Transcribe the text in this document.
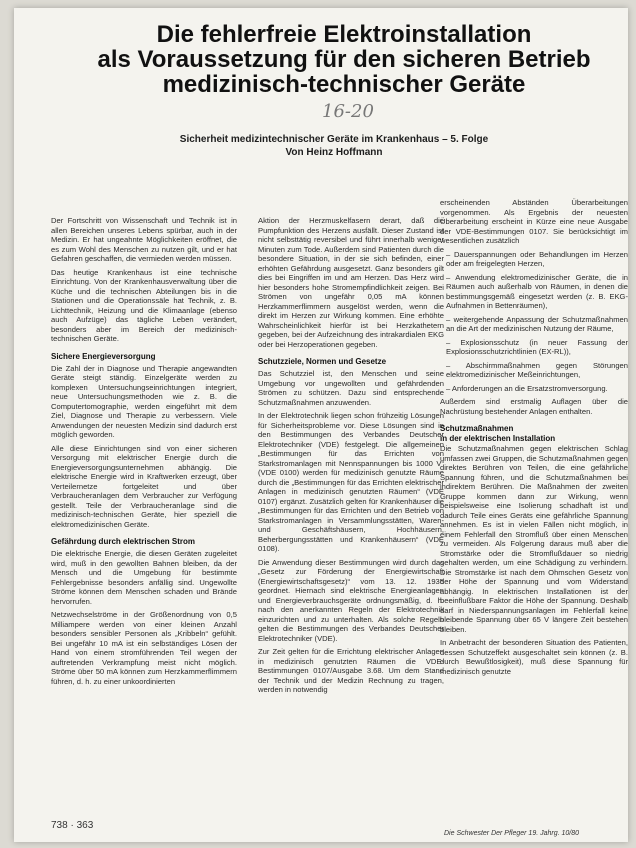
Die fehlerfreie Elektroinstallation
als Voraussetzung für den sicheren Betrieb
medizinisch-technischer Geräte
16-20
Sicherheit medizintechnischer Geräte im Krankenhaus – 5. Folge
Von Heinz Hoffmann

Der Fortschritt von Wissenschaft und Technik ist in allen Bereichen unseres Lebens spürbar, auch in der Medizin. Er hat ungeahnte Möglichkeiten eröffnet, die es zum Wohl des Menschen zu nutzen gilt, und er hat Gefahren geschaffen, die vermieden werden müssen.

Das heutige Krankenhaus ist eine technische Einrichtung. Von der Krankenhausverwaltung über die Küche und die technischen Abteilungen bis in die Stationen und die Operationssäle hat Technik, z. B. Lichttechnik, Heizung und die Klimaanlage (ebenso auch Aufzüge) das tägliche Leben verändert, besonders aber im Bereich der medizinisch-technischen Geräte.

Sichere Energieversorgung

Die Zahl der in Diagnose und Therapie angewandten Geräte steigt ständig. Einzelgeräte werden zu komplexen Untersuchungseinrichtungen integriert, neue Untersuchungsmethoden wie z. B. die Computertomographie, werden eingeführt mit dem Ziel, Diagnose und Therapie zu verbessern. Viele Anwendungen der neuesten Medizin sind dadurch erst möglich geworden.

Alle diese Einrichtungen sind von einer sicheren Versorgung mit elektrischer Energie durch die Energieversorgungsunternehmen abhängig. Die elektrische Energie wird in Kraftwerken erzeugt, über Verteilernetze fortgeleitet und über Verbraucheranlagen dem Verbraucher zur Verfügung gestellt. Teile der Verbraucheranlage sind die medizinisch-technischen Geräte, hier speziell die elektromedizinischen Geräte.

Gefährdung durch elektrischen Strom

Die elektrische Energie, die diesen Geräten zugeleitet wird, muß in den gewollten Bahnen bleiben, da der Mensch und die Umgebung für bestimmte Fehlergebnisse besonders anfällig sind. Ungewollte Ströme können dem Menschen schaden und Brände hervorrufen.

Netzwechselströme in der Größenordnung von 0,5 Milliampere werden von einer kleinen Anzahl besonders sensibler Personen als „Kribbeln“ gefühlt. Bei ungefähr 10 mA ist ein selbständiges Lösen der Hand von einem stromführenden Teil wegen der auftretenden Verkrampfung meist nicht möglich. Ströme über 50 mA können zum Herzkammerflimmern führen, d. h. zu einer unkoordinierten

Aktion der Herzmuskelfasern derart, daß die Pumpfunktion des Herzens ausfällt. Dieser Zustand ist nicht selbsttätig reversibel und führt innerhalb weniger Minuten zum Tode. Außerdem sind Patienten durch die besondere Situation, in der sie sich befinden, einer erhöhten Gefährdung ausgesetzt. Ganz besonders gilt dies bei Eingriffen im und am Herzen. Das Herz wird hier besonders hohe Stromempfindlichkeit zeigen. Bei Strömen von ungefähr 0,05 mA können Herzkammerflimmern ausgelöst werden, wenn die direkt im Herzen zur Wirkung kommen. Eine erhöhte Wahrscheinlichkeit hierfür ist bei Herzkathetern gegeben, bei der Aufzeichnung des intrakardialen EKG oder bei Herzoperationen gegeben.

Schutzziele, Normen und Gesetze

Das Schutzziel ist, den Menschen und seine Umgebung vor ungewollten und gefährdenden Strömen zu schützen. Dazu sind entsprechende Schutzmaßnahmen anzuwenden.

In der Elektrotechnik liegen schon frühzeitig Lösungen für Sicherheitsprobleme vor. Diese Lösungen sind in den Bestimmungen des Verbandes Deutscher Elektrotechniker (VDE) festgelegt. Die allgemeinen „Bestimmungen für das Errichten von Starkstromanlagen mit Nennspannungen bis 1000 V“ (VDE 0100) werden für medizinisch genutzte Räume durch die „Bestimmungen für das Errichten elektrischer Anlagen in medizinisch genutzten Räumen“ (VDE 0107) ergänzt. Zusätzlich gelten für Krankenhäuser die „Bestimmungen für das Errichten und den Betrieb von Starkstromanlagen in Versammlungsstätten, Waren- und Geschäftshäusern, Hochhäusern, Beherbergungsstätten und Krankenhäusern“ (VDE 0108).

Die Anwendung dieser Bestimmungen wird durch das „Gesetz zur Förderung der Energiewirtschaft (Energiewirtschaftsgesetz)“ vom 13. 12. 1935 geordnet. Hiernach sind elektrische Energieanlagen und Energieverbrauchsgeräte ordnungsmäßig, d. h. nach den anerkannten Regeln der Elektrotechnik einzurichten und zu unterhalten. Als solche Regeln gelten die Bestimmungen des Verbandes Deutscher Elektrotechniker (VDE).

Zur Zeit gelten für die Errichtung elektrischer Anlagen in medizinisch genutzten Räumen die VDE-Bestimmungen 0107/Ausgabe 3.68. Um dem Stand der Technik und der Medizin Rechnung zu tragen, werden in notwendig

erscheinenden Abständen Überarbeitungen vorgenommen. Als Ergebnis der neuesten Überarbeitung erscheint in Kürze eine neue Ausgabe der VDE-Bestimmungen 0107. Sie berücksichtigt im wesentlichen zusätzlich

– Dauerspannungen oder Behandlungen im Herzen oder am freigelegten Herzen,

– Anwendung elektromedizinischer Geräte, die in Räumen auch außerhalb von Räumen, in denen die bestimmungsgemäß eingesetzt werden (z. B. EKG-Aufnahmen in Bettenräumen),

– weitergehende Anpassung der Schutzmaßnahmen an die Art der medizinischen Nutzung der Räume,

– Explosionsschutz (in neuer Fassung der Explosionsschutzrichtlinien (EX-RL)),

– Abschirmmaßnahmen gegen Störungen elektromedizinischer Meßeinrichtungen,

– Anforderungen an die Ersatzstromversorgung.

Außerdem sind erstmalig Auflagen über die Nachrüstung bestehender Anlagen enthalten.

Schutzmaßnahmen
in der elektrischen Installation

Die Schutzmaßnahmen gegen elektrischen Schlag umfassen zwei Gruppen, die Schutzmaßnahmen gegen direktes Berühren von Teilen, die eine gefährliche Spannung führen, und die Schutzmaßnahmen bei indirektem Berühren. Die Maßnahmen der zweiten Gruppe kommen dann zur Wirkung, wenn beispielsweise eine Isolierung schadhaft ist und dadurch Teile eines Geräts eine gefährliche Spannung annehmen. Es ist in vielen Fällen nicht möglich, in einem Fehlerfall den Stromfluß über einen Menschen zu vermeiden. Als Folgerung daraus muß aber die Stromstärke oder die Stromflußdauer so niedrig gehalten werden, um eine Schädigung zu verhindern. Die Stromstärke ist nach dem Ohmschen Gesetz von der Höhe der Spannung und vom Widerstand abhängig. In elektrischen Installationen ist der beeinflußbare Faktor die Höhe der Spannung. Deshalb darf in Niederspannungsanlagen im Fehlerfall keine bleibende Spannung über 65 V längere Zeit bestehen bleiben.

In Anbetracht der besonderen Situation des Patienten, dessen Schutzeffekt ausgeschaltet sein können (z. B. durch Bewußtlosigkeit), muß diese Spannung für medizinisch genutzte

738 · 363
Die Schwester Der Pfleger 19. Jahrg. 10/80
